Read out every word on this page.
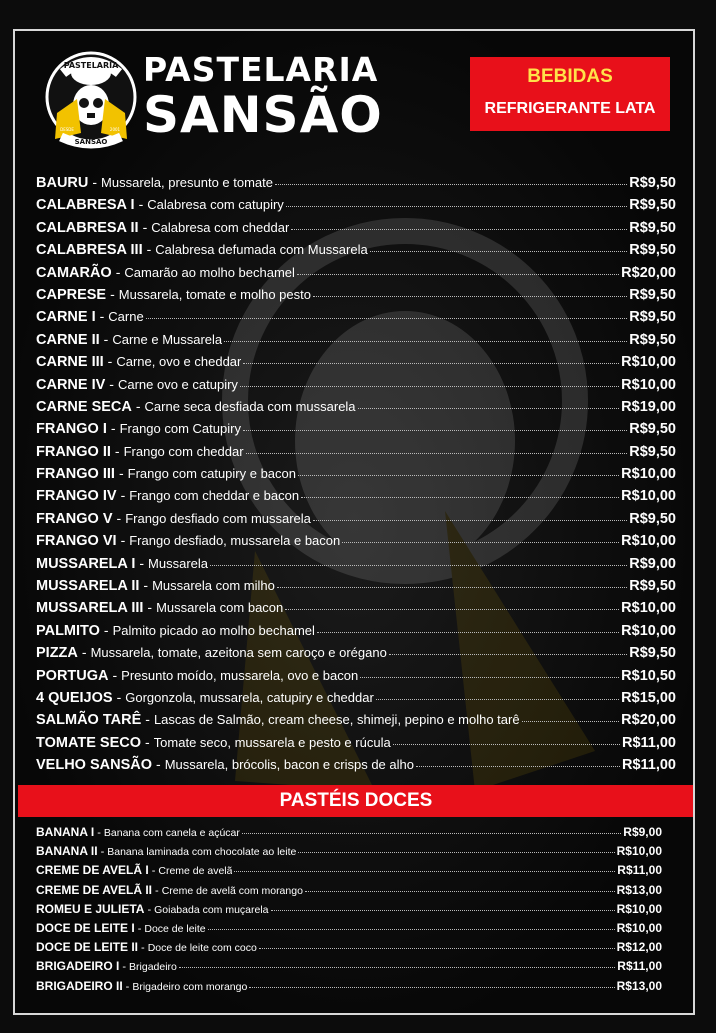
PASTELARIA
SANSÃO
DESDE	2001
PASTELARIA
SANSÃO
BEBIDAS
REFRIGERANTE LATA
BAURU - Mussarela, presunto e tomate	R$9,50
CALABRESA I - Calabresa com catupiry	R$9,50
CALABRESA II - Calabresa com cheddar	R$9,50
CALABRESA III - Calabresa defumada com Mussarela	R$9,50
CAMARÃO - Camarão ao molho bechamel	R$20,00
CAPRESE - Mussarela, tomate e molho pesto	R$9,50
CARNE I - Carne	R$9,50
CARNE II - Carne e Mussarela	R$9,50
CARNE III - Carne, ovo e cheddar	R$10,00
CARNE IV - Carne ovo e catupiry	R$10,00
CARNE SECA - Carne seca desfiada com mussarela	R$19,00
FRANGO I - Frango com Catupiry	R$9,50
FRANGO II - Frango com cheddar	R$9,50
FRANGO III - Frango com catupiry e bacon	R$10,00
FRANGO IV - Frango com cheddar e bacon	R$10,00
FRANGO V - Frango desfiado com mussarela	R$9,50
FRANGO VI - Frango desfiado, mussarela e bacon	R$10,00
MUSSARELA I - Mussarela	R$9,00
MUSSARELA II - Mussarela com milho	R$9,50
MUSSARELA III - Mussarela com bacon	R$10,00
PALMITO - Palmito picado ao molho bechamel	R$10,00
PIZZA - Mussarela, tomate, azeitona sem caroço e orégano	R$9,50
PORTUGA - Presunto moído, mussarela, ovo e bacon	R$10,50
4 QUEIJOS - Gorgonzola, mussarela, catupiry e cheddar	R$15,00
SALMÃO TARÊ - Lascas de Salmão, cream cheese, shimeji, pepino e molho tarê	R$20,00
TOMATE SECO - Tomate seco, mussarela e pesto e rúcula	R$11,00
VELHO SANSÃO - Mussarela, brócolis, bacon e crisps de alho	R$11,00
PASTÉIS DOCES
BANANA I - Banana com canela e açúcar	R$9,00
BANANA II - Banana laminada com chocolate ao leite	R$10,00
CREME DE AVELÃ I - Creme de avelã	R$11,00
CREME DE AVELÃ II - Creme de avelã com morango	R$13,00
ROMEU E JULIETA - Goiabada com muçarela	R$10,00
DOCE DE LEITE I - Doce de leite	R$10,00
DOCE DE LEITE II - Doce de leite com coco	R$12,00
BRIGADEIRO I - Brigadeiro	R$11,00
BRIGADEIRO II - Brigadeiro com morango	R$13,00
